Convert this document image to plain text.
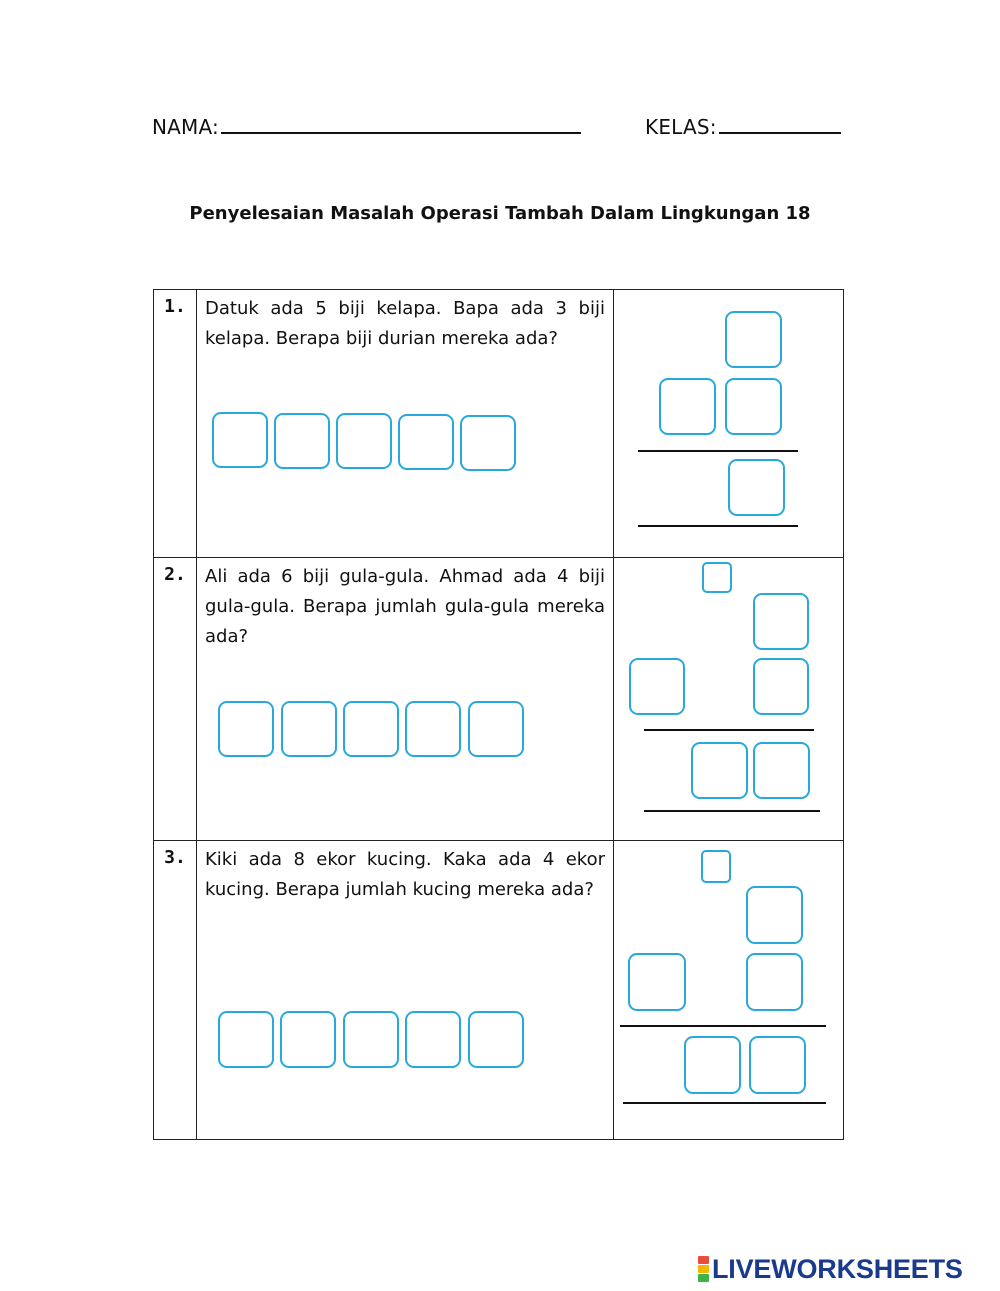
NAMA:	KELAS:
Penyelesaian Masalah Operasi Tambah Dalam Lingkungan 18
1.	Datuk ada 5 biji kelapa. Bapa ada 3 biji kelapa. Berapa biji durian mereka ada?	

2.	Ali ada 6 biji gula-gula. Ahmad ada 4 biji gula-gula. Berapa jumlah gula-gula mereka ada?	

3.	Kiki ada 8 ekor kucing. Kaka ada 4 ekor kucing. Berapa jumlah kucing mereka ada?	

LIVEWORKSHEETS
